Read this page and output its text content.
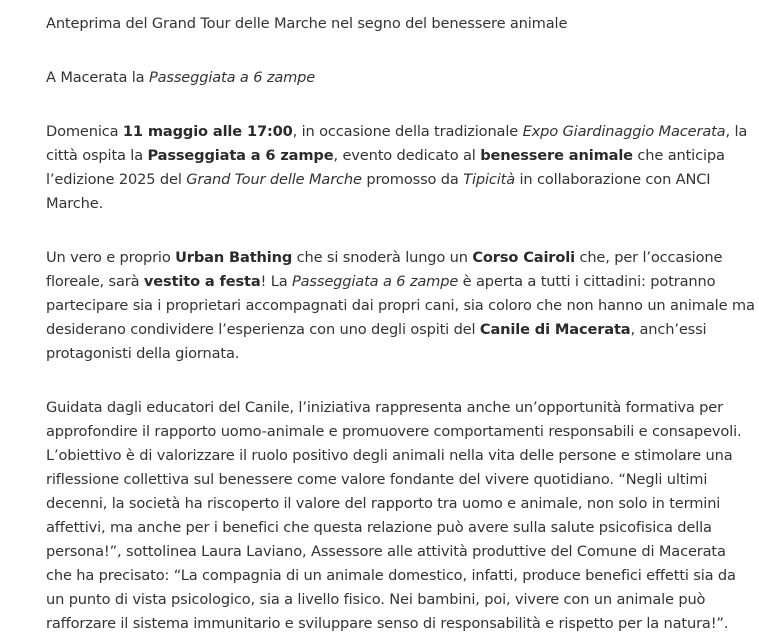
Anteprima del Grand Tour delle Marche nel segno del benessere animale

A Macerata la Passeggiata a 6 zampe

Domenica 11 maggio alle 17:00, in occasione della tradizionale Expo Giardinaggio Macerata, la città ospita la Passeggiata a 6 zampe, evento dedicato al benessere animale che anticipa l’edizione 2025 del Grand Tour delle Marche promosso da Tipicità in collaborazione con ANCI Marche.

Un vero e proprio Urban Bathing che si snoderà lungo un Corso Cairoli che, per l’occasione floreale, sarà vestito a festa! La Passeggiata a 6 zampe è aperta a tutti i cittadini: potranno partecipare sia i proprietari accompagnati dai propri cani, sia coloro che non hanno un animale ma desiderano condividere l’esperienza con uno degli ospiti del Canile di Macerata, anch’essi protagonisti della giornata.

Guidata dagli educatori del Canile, l’iniziativa rappresenta anche un’opportunità formativa per approfondire il rapporto uomo-animale e promuovere comportamenti responsabili e consapevoli. L’obiettivo è di valorizzare il ruolo positivo degli animali nella vita delle persone e stimolare una riflessione collettiva sul benessere come valore fondante del vivere quotidiano. “Negli ultimi decenni, la società ha riscoperto il valore del rapporto tra uomo e animale, non solo in termini affettivi, ma anche per i benefici che questa relazione può avere sulla salute psicofisica della persona!”, sottolinea Laura Laviano, Assessore alle attività produttive del Comune di Macerata che ha precisato: “La compagnia di un animale domestico, infatti, produce benefici effetti sia da un punto di vista psicologico, sia a livello fisico. Nei bambini, poi, vivere con un animale può rafforzare il sistema immunitario e sviluppare senso di responsabilità e rispetto per la natura!”.
